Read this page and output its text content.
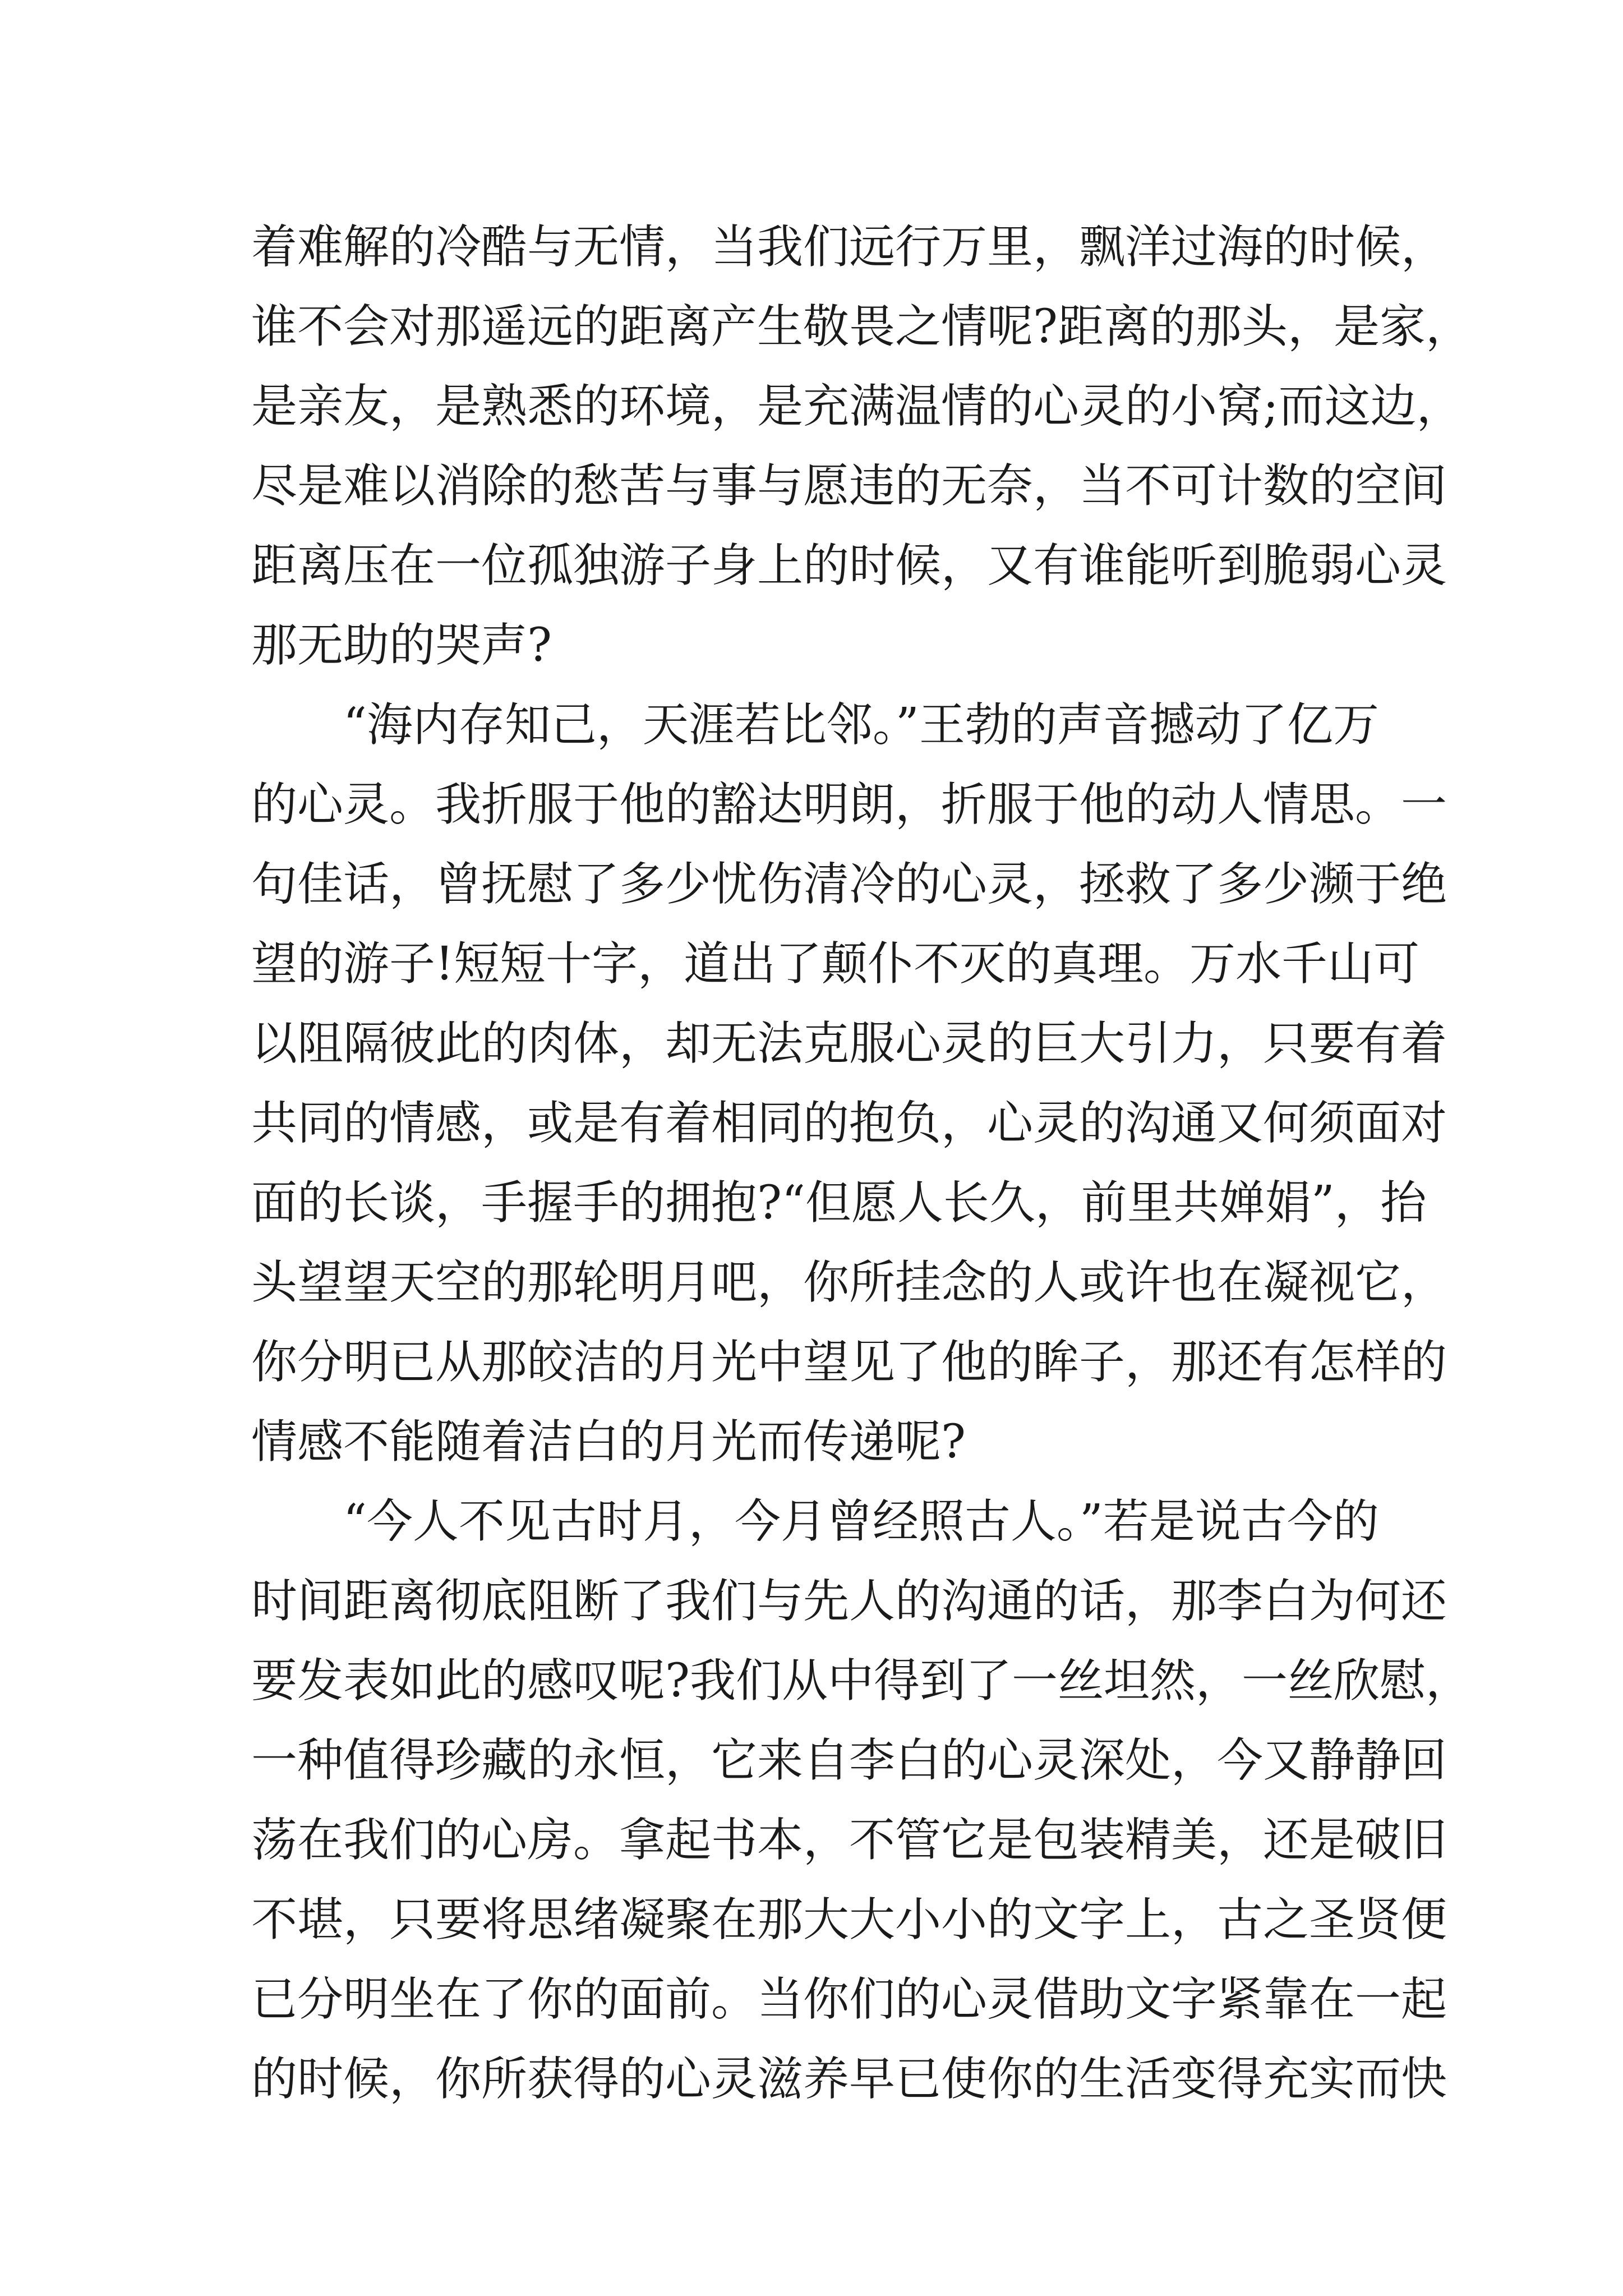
着难解的冷酷与无情，当我们远行万里，飘洋过海的时候，
谁不会对那遥远的距离产生敬畏之情呢?距离的那头，是家，
是亲友，是熟悉的环境，是充满温情的心灵的小窝;而这边，
尽是难以消除的愁苦与事与愿违的无奈，当不可计数的空间
距离压在一位孤独游子身上的时候，又有谁能听到脆弱心灵
那无助的哭声?
“海内存知己，天涯若比邻。”王勃的声音撼动了亿万
的心灵。我折服于他的豁达明朗，折服于他的动人情思。一
句佳话，曾抚慰了多少忧伤清冷的心灵，拯救了多少濒于绝
望的游子!短短十字，道出了颠仆不灭的真理。万水千山可
以阻隔彼此的肉体，却无法克服心灵的巨大引力，只要有着
共同的情感，或是有着相同的抱负，心灵的沟通又何须面对
面的长谈，手握手的拥抱?“但愿人长久，前里共婵娟”，抬
头望望天空的那轮明月吧，你所挂念的人或许也在凝视它，
你分明已从那皎洁的月光中望见了他的眸子，那还有怎样的
情感不能随着洁白的月光而传递呢?
“今人不见古时月，今月曾经照古人。”若是说古今的
时间距离彻底阻断了我们与先人的沟通的话，那李白为何还
要发表如此的感叹呢?我们从中得到了一丝坦然，一丝欣慰，
一种值得珍藏的永恒，它来自李白的心灵深处，今又静静回
荡在我们的心房。拿起书本，不管它是包装精美，还是破旧
不堪，只要将思绪凝聚在那大大小小的文字上，古之圣贤便
已分明坐在了你的面前。当你们的心灵借助文字紧靠在一起
的时候，你所获得的心灵滋养早已使你的生活变得充实而快
